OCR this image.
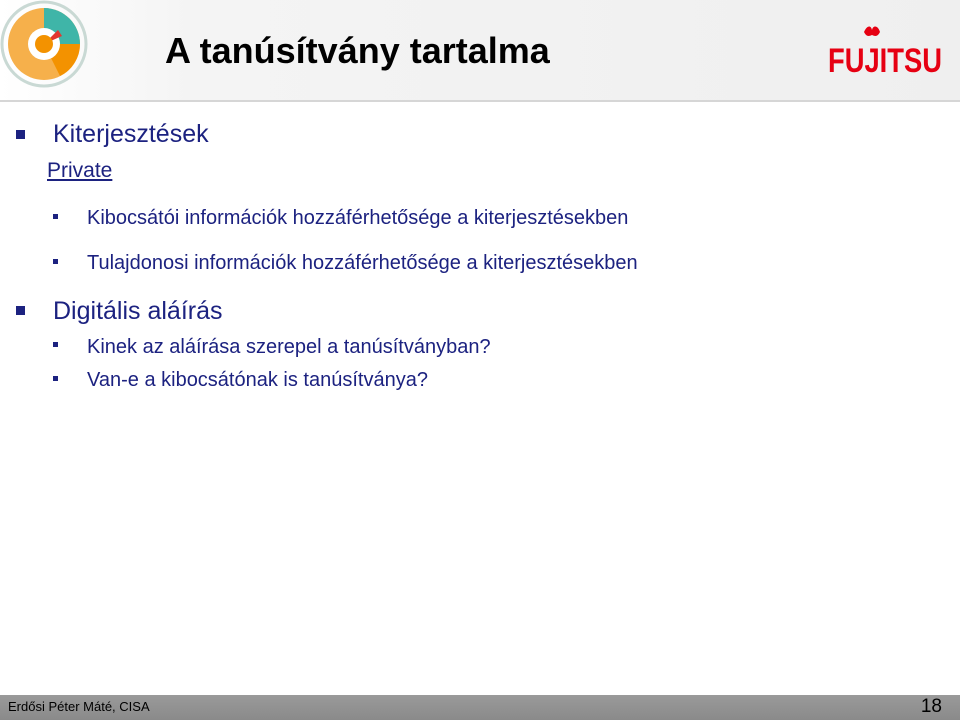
A tanúsítvány tartalma	FUJITSU
Kiterjesztések
Private
Kibocsátói információk hozzáférhetősége a kiterjesztésekben
Tulajdonosi információk hozzáférhetősége a kiterjesztésekben
Digitális aláírás
Kinek az aláírása szerepel a tanúsítványban?
Van-e a kibocsátónak is tanúsítványa?
Erdősi Péter Máté, CISA	18
